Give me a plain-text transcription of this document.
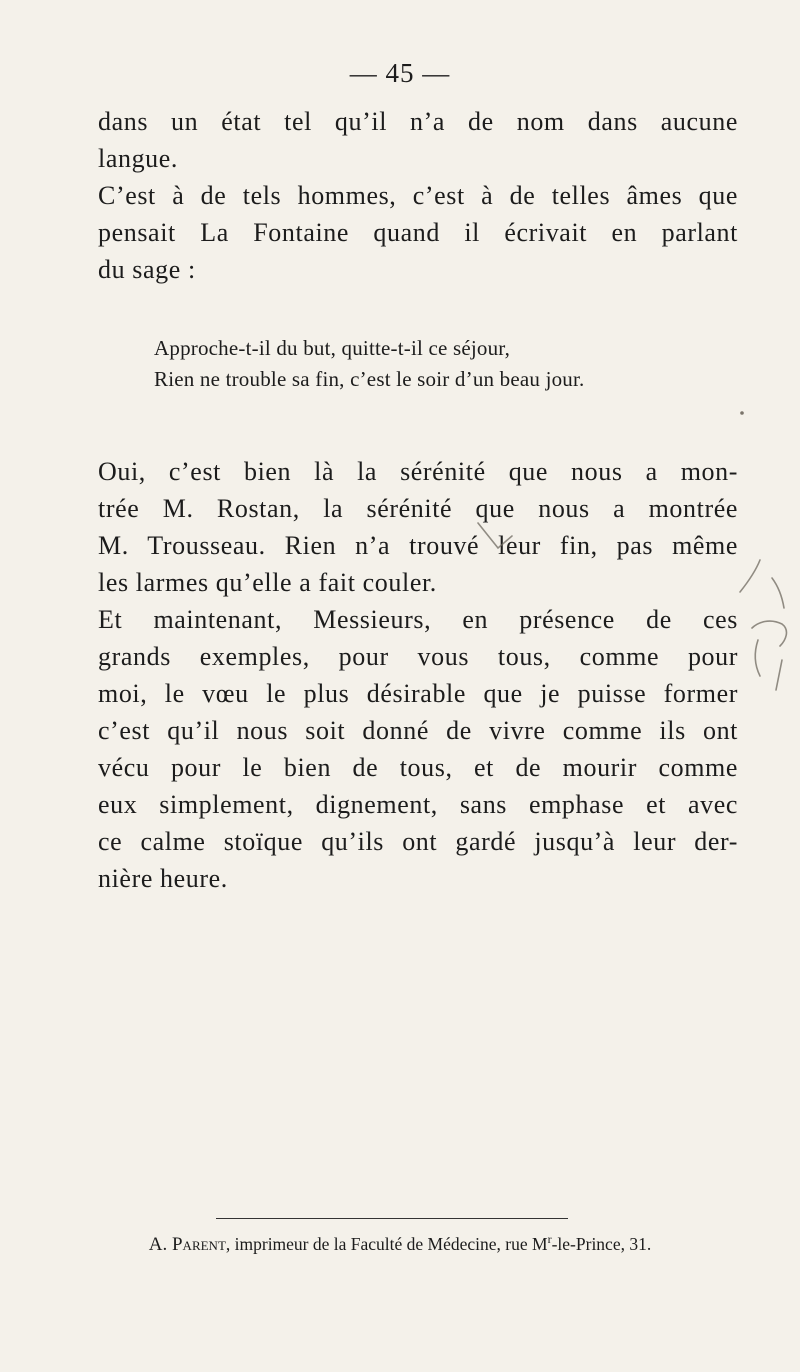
— 45 —
dans un état tel qu’il n’a de nom dans aucune
langue.
C’est à de tels hommes, c’est à de telles âmes que
pensait La Fontaine quand il écrivait en parlant
du sage :
Approche-t-il du but, quitte-t-il ce séjour,
Rien ne trouble sa fin, c’est le soir d’un beau jour.
Oui, c’est bien là la sérénité que nous a mon-
trée M. Rostan, la sérénité que nous a montrée
M. Trousseau. Rien n’a trouvé leur fin, pas même
les larmes qu’elle a fait couler.
Et maintenant, Messieurs, en présence de ces
grands exemples, pour vous tous, comme pour
moi, le vœu le plus désirable que je puisse former
c’est qu’il nous soit donné de vivre comme ils ont
vécu pour le bien de tous, et de mourir comme
eux simplement, dignement, sans emphase et avec
ce calme stoïque qu’ils ont gardé jusqu’à leur der-
nière heure.
A. Parent, imprimeur de la Faculté de Médecine, rue $M^r-le$-Prince, 31.
